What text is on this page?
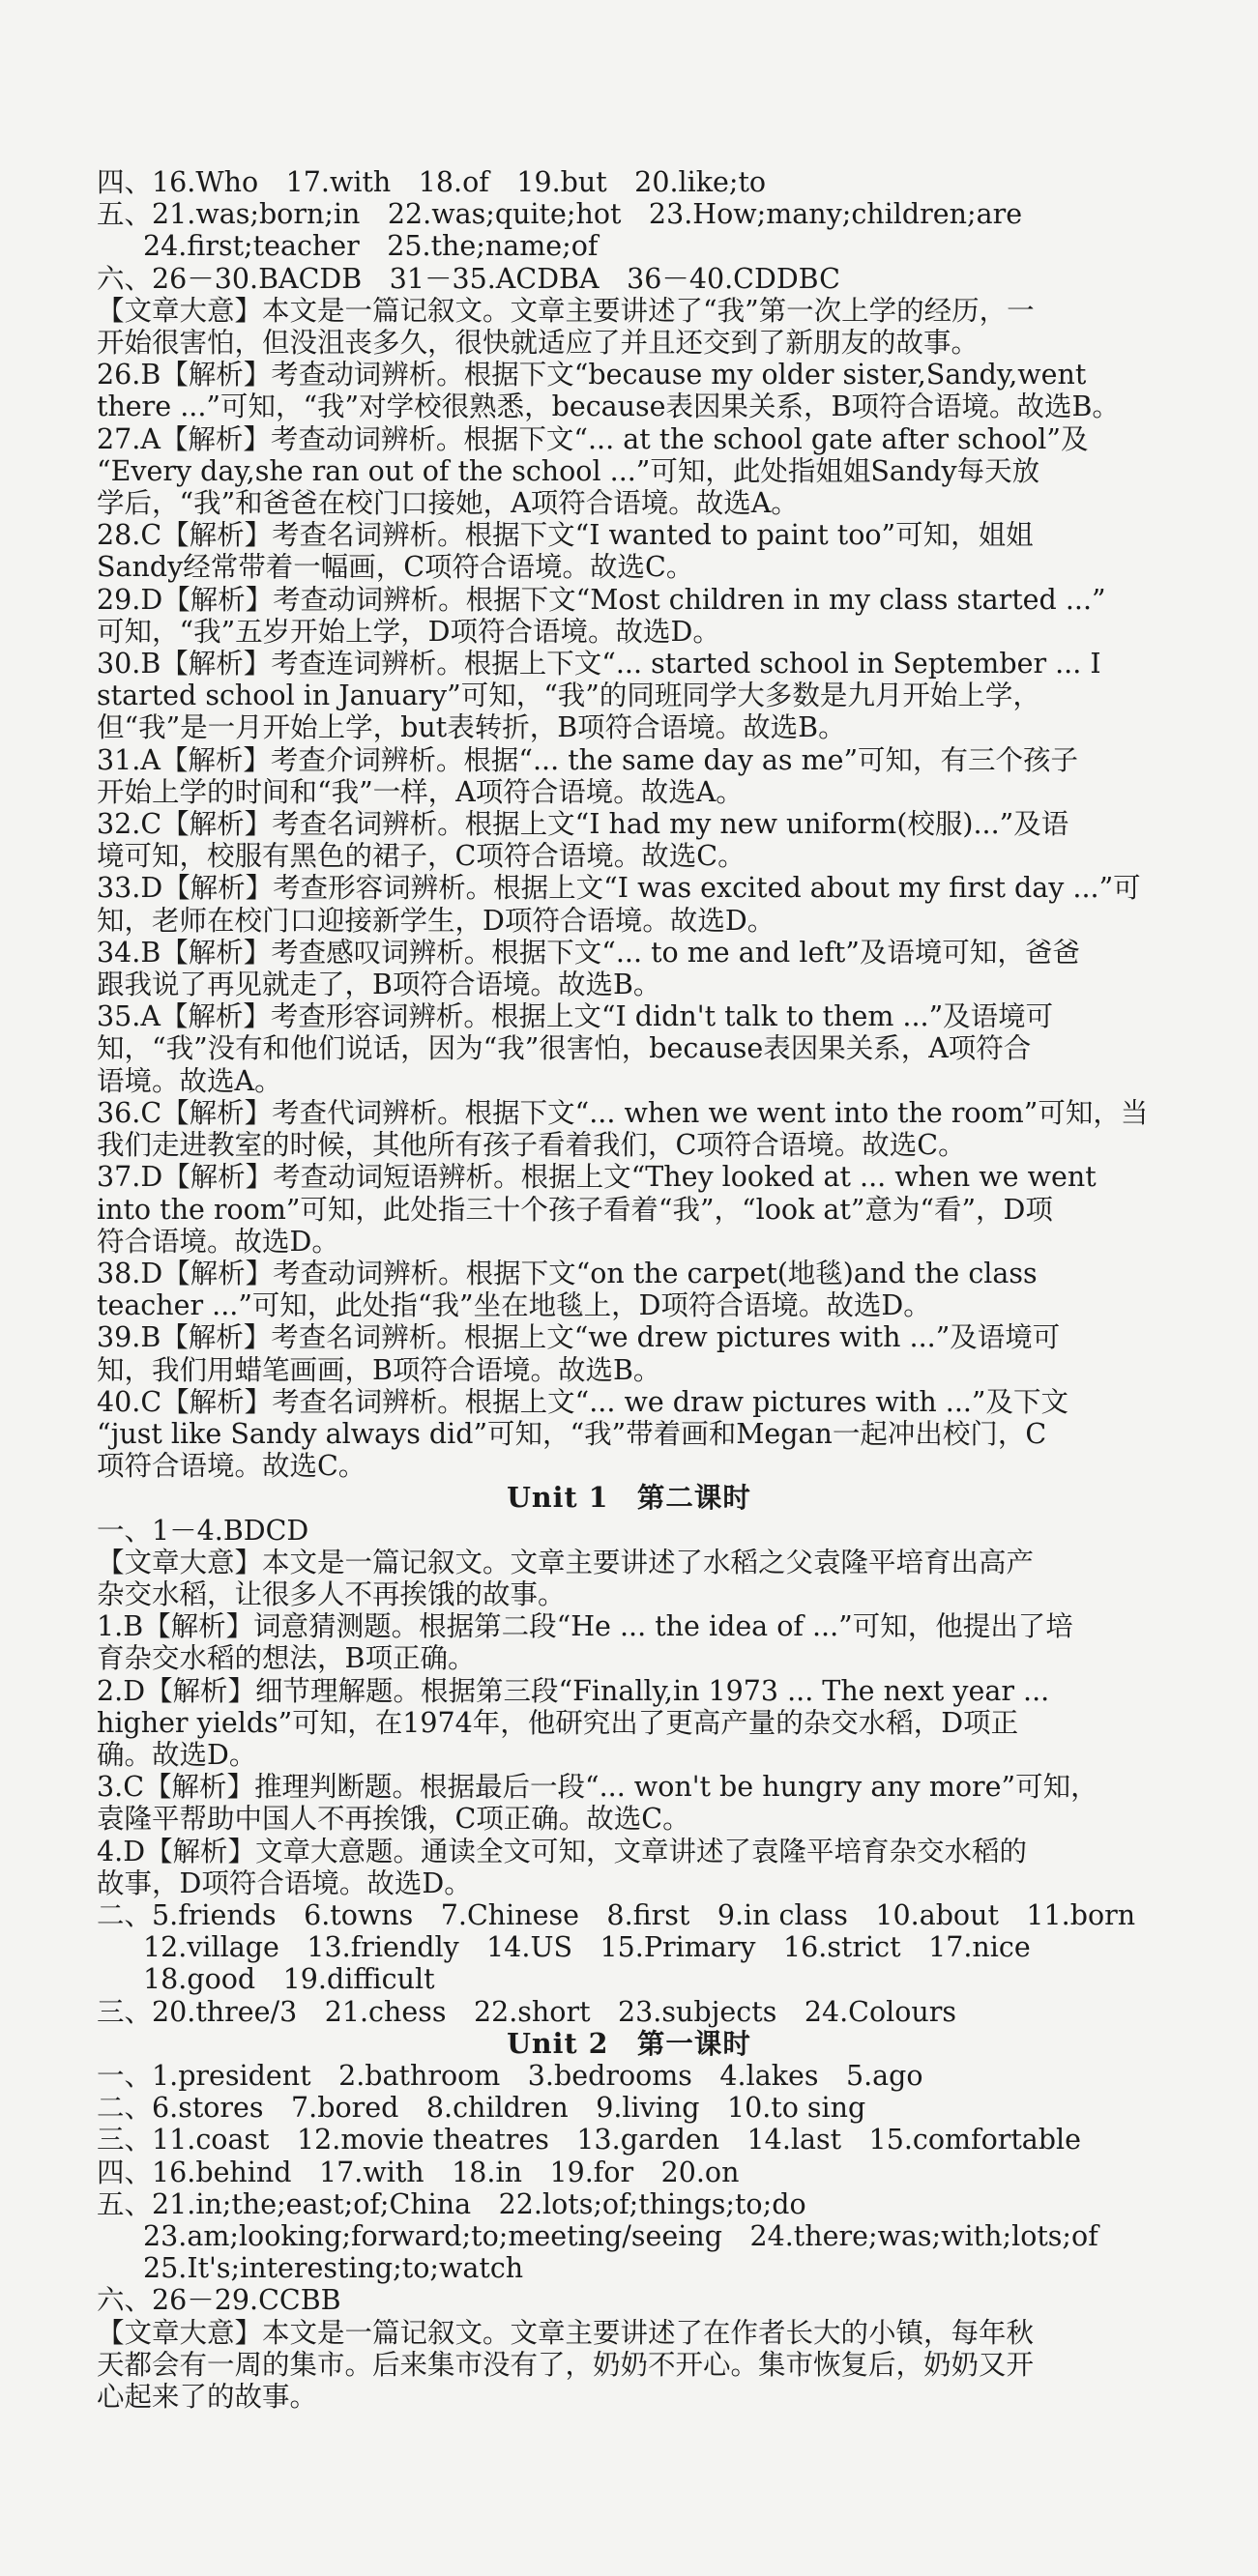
四、16.Who　17.with　18.of　19.but　20.like;to
五、21.was;born;in　22.was;quite;hot　23.How;many;children;are
24.first;teacher　25.the;name;of
六、26－30.BACDB　31－35.ACDBA　36－40.CDDBC
【文章大意】本文是一篇记叙文。文章主要讲述了“我”第一次上学的经历，一
开始很害怕，但没沮丧多久，很快就适应了并且还交到了新朋友的故事。
26.B【解析】考查动词辨析。根据下文“because my older sister,Sandy,went
there ...”可知，“我”对学校很熟悉，because表因果关系，B项符合语境。故选B。
27.A【解析】考查动词辨析。根据下文“... at the school gate after school”及
“Every day,she ran out of the school ...”可知，此处指姐姐Sandy每天放
学后，“我”和爸爸在校门口接她，A项符合语境。故选A。
28.C【解析】考查名词辨析。根据下文“I wanted to paint too”可知，姐姐
Sandy经常带着一幅画，C项符合语境。故选C。
29.D【解析】考查动词辨析。根据下文“Most children in my class started ...”
可知，“我”五岁开始上学，D项符合语境。故选D。
30.B【解析】考查连词辨析。根据上下文“... started school in September ... I
started school in January”可知，“我”的同班同学大多数是九月开始上学，
但“我”是一月开始上学，but表转折，B项符合语境。故选B。
31.A【解析】考查介词辨析。根据“... the same day as me”可知，有三个孩子
开始上学的时间和“我”一样，A项符合语境。故选A。
32.C【解析】考查名词辨析。根据上文“I had my new uniform(校服)...”及语
境可知，校服有黑色的裙子，C项符合语境。故选C。
33.D【解析】考查形容词辨析。根据上文“I was excited about my first day ...”可
知，老师在校门口迎接新学生，D项符合语境。故选D。
34.B【解析】考查感叹词辨析。根据下文“... to me and left”及语境可知，爸爸
跟我说了再见就走了，B项符合语境。故选B。
35.A【解析】考查形容词辨析。根据上文“I didn't talk to them ...”及语境可
知，“我”没有和他们说话，因为“我”很害怕，because表因果关系，A项符合
语境。故选A。
36.C【解析】考查代词辨析。根据下文“... when we went into the room”可知，当
我们走进教室的时候，其他所有孩子看着我们，C项符合语境。故选C。
37.D【解析】考查动词短语辨析。根据上文“They looked at ... when we went
into the room”可知，此处指三十个孩子看着“我”，“look at”意为“看”，D项
符合语境。故选D。
38.D【解析】考查动词辨析。根据下文“on the carpet(地毯)and the class
teacher ...”可知，此处指“我”坐在地毯上，D项符合语境。故选D。
39.B【解析】考查名词辨析。根据上文“we drew pictures with ...”及语境可
知，我们用蜡笔画画，B项符合语境。故选B。
40.C【解析】考查名词辨析。根据上文“... we draw pictures with ...”及下文
“just like Sandy always did”可知，“我”带着画和Megan一起冲出校门，C
项符合语境。故选C。
Unit 1　第二课时
一、1－4.BDCD
【文章大意】本文是一篇记叙文。文章主要讲述了水稻之父袁隆平培育出高产
杂交水稻，让很多人不再挨饿的故事。
1.B【解析】词意猜测题。根据第二段“He ... the idea of ...”可知，他提出了培
育杂交水稻的想法，B项正确。
2.D【解析】细节理解题。根据第三段“Finally,in 1973 ... The next year ...
higher yields”可知，在1974年，他研究出了更高产量的杂交水稻，D项正
确。故选D。
3.C【解析】推理判断题。根据最后一段“... won't be hungry any more”可知，
袁隆平帮助中国人不再挨饿，C项正确。故选C。
4.D【解析】文章大意题。通读全文可知，文章讲述了袁隆平培育杂交水稻的
故事，D项符合语境。故选D。
二、5.friends　6.towns　7.Chinese　8.first　9.in class　10.about　11.born
12.village　13.friendly　14.US　15.Primary　16.strict　17.nice
18.good　19.difficult
三、20.three/3　21.chess　22.short　23.subjects　24.Colours
Unit 2　第一课时
一、1.president　2.bathroom　3.bedrooms　4.lakes　5.ago
二、6.stores　7.bored　8.children　9.living　10.to sing
三、11.coast　12.movie theatres　13.garden　14.last　15.comfortable
四、16.behind　17.with　18.in　19.for　20.on
五、21.in;the;east;of;China　22.lots;of;things;to;do
23.am;looking;forward;to;meeting/seeing　24.there;was;with;lots;of
25.It's;interesting;to;watch
六、26－29.CCBB
【文章大意】本文是一篇记叙文。文章主要讲述了在作者长大的小镇，每年秋
天都会有一周的集市。后来集市没有了，奶奶不开心。集市恢复后，奶奶又开
心起来了的故事。
